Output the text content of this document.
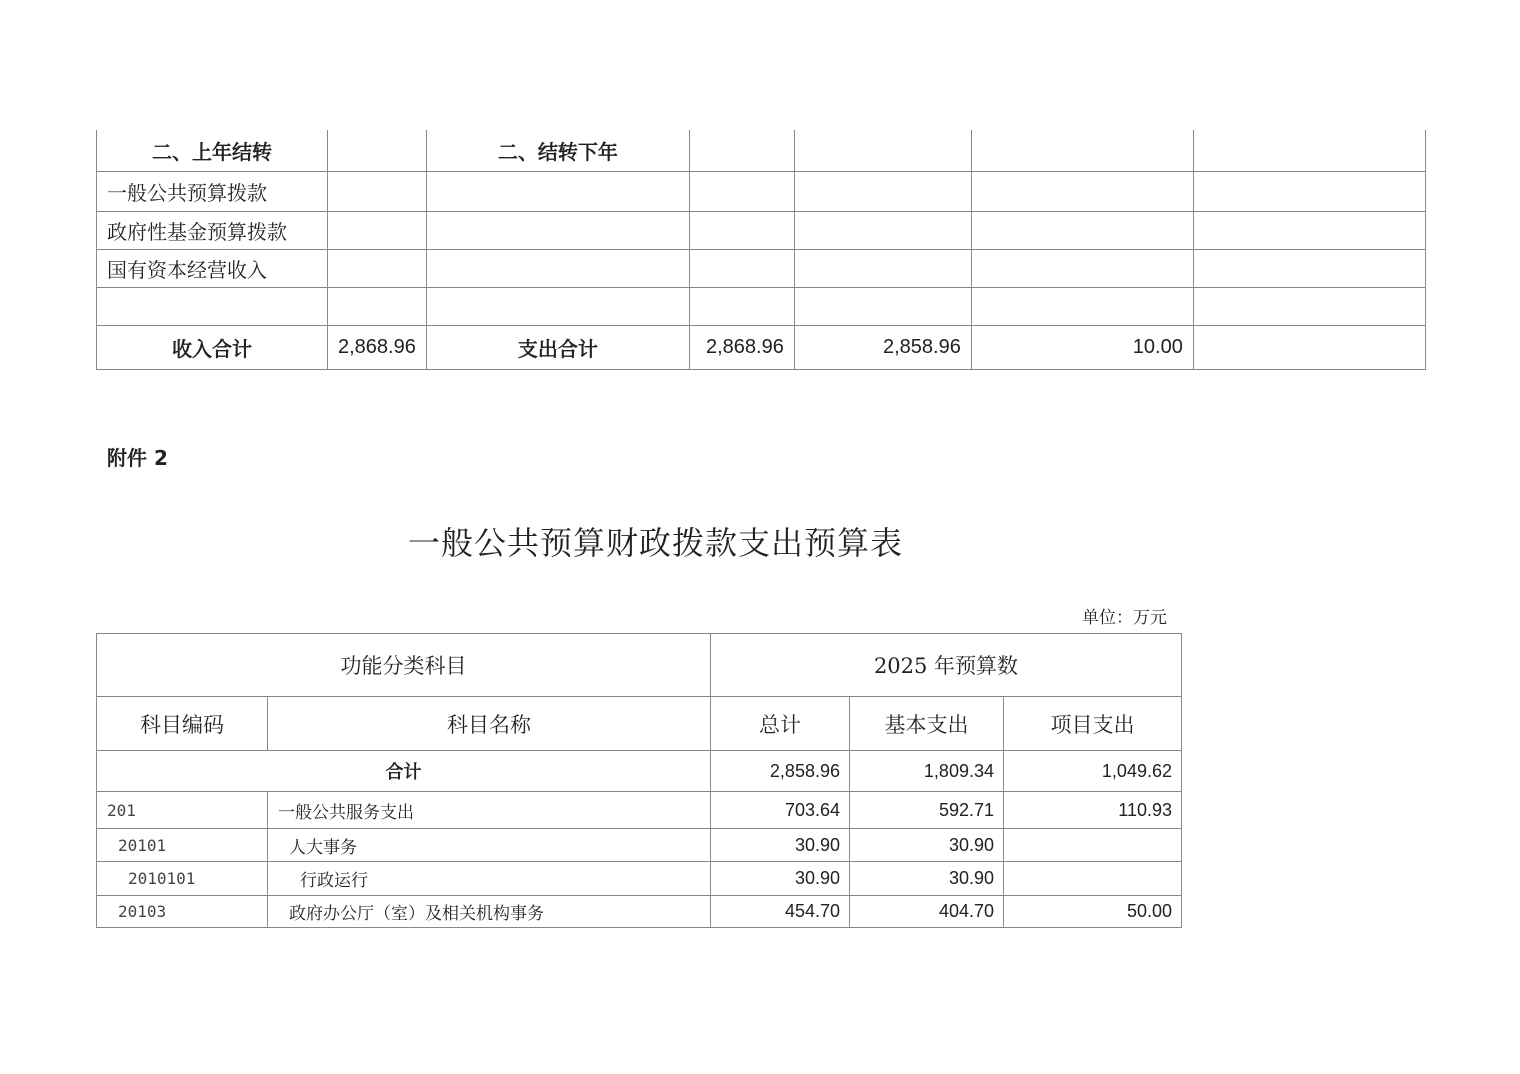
二、上年结转		二、结转下年				
一般公共预算拨款						
政府性基金预算拨款						
国有资本经营收入						

收入合计	2,868.96	支出合计	2,868.96	2,858.96	10.00	
附件 2
一般公共预算财政拨款支出预算表
单位：万元
功能分类科目		2025 年预算数		
科目编码	科目名称	总计	基本支出	项目支出
合计		2,858.96	1,809.34	1,049.62
201	一般公共服务支出	703.64	592.71	110.93
20101	人大事务	30.90	30.90	
2010101	行政运行	30.90	30.90	
20103	政府办公厅（室）及相关机构事务	454.70	404.70	50.00
